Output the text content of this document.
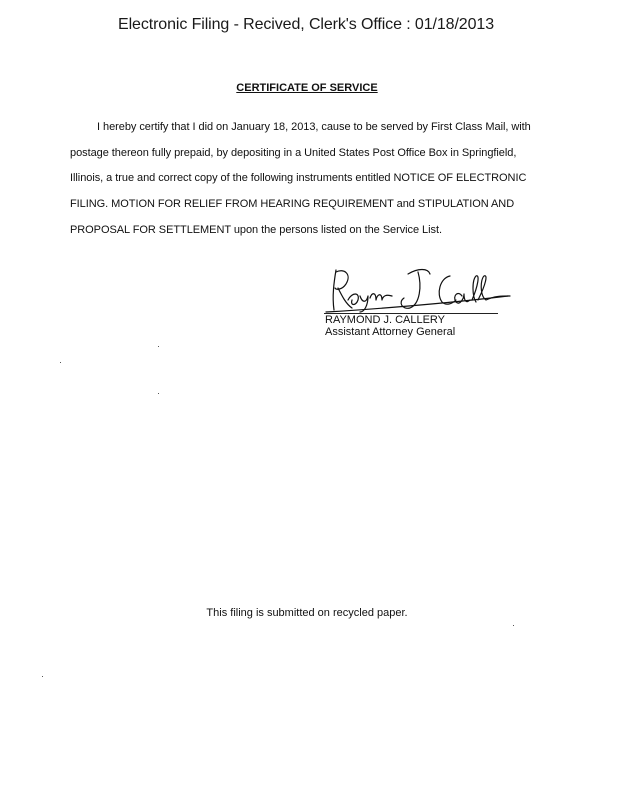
Electronic Filing - Recived, Clerk's Office : 01/18/2013
CERTIFICATE OF SERVICE
I hereby certify that I did on January 18, 2013, cause to be served by First Class Mail, with
postage thereon fully prepaid, by depositing in a United States Post Office Box in Springfield,
Illinois, a true and correct copy of the following instruments entitled NOTICE OF ELECTRONIC
FILING. MOTION FOR RELIEF FROM HEARING REQUIREMENT and STIPULATION AND
PROPOSAL FOR SETTLEMENT upon the persons listed on the Service List.
RAYMOND J. CALLERY
Assistant Attorney General
This filing is submitted on recycled paper.
